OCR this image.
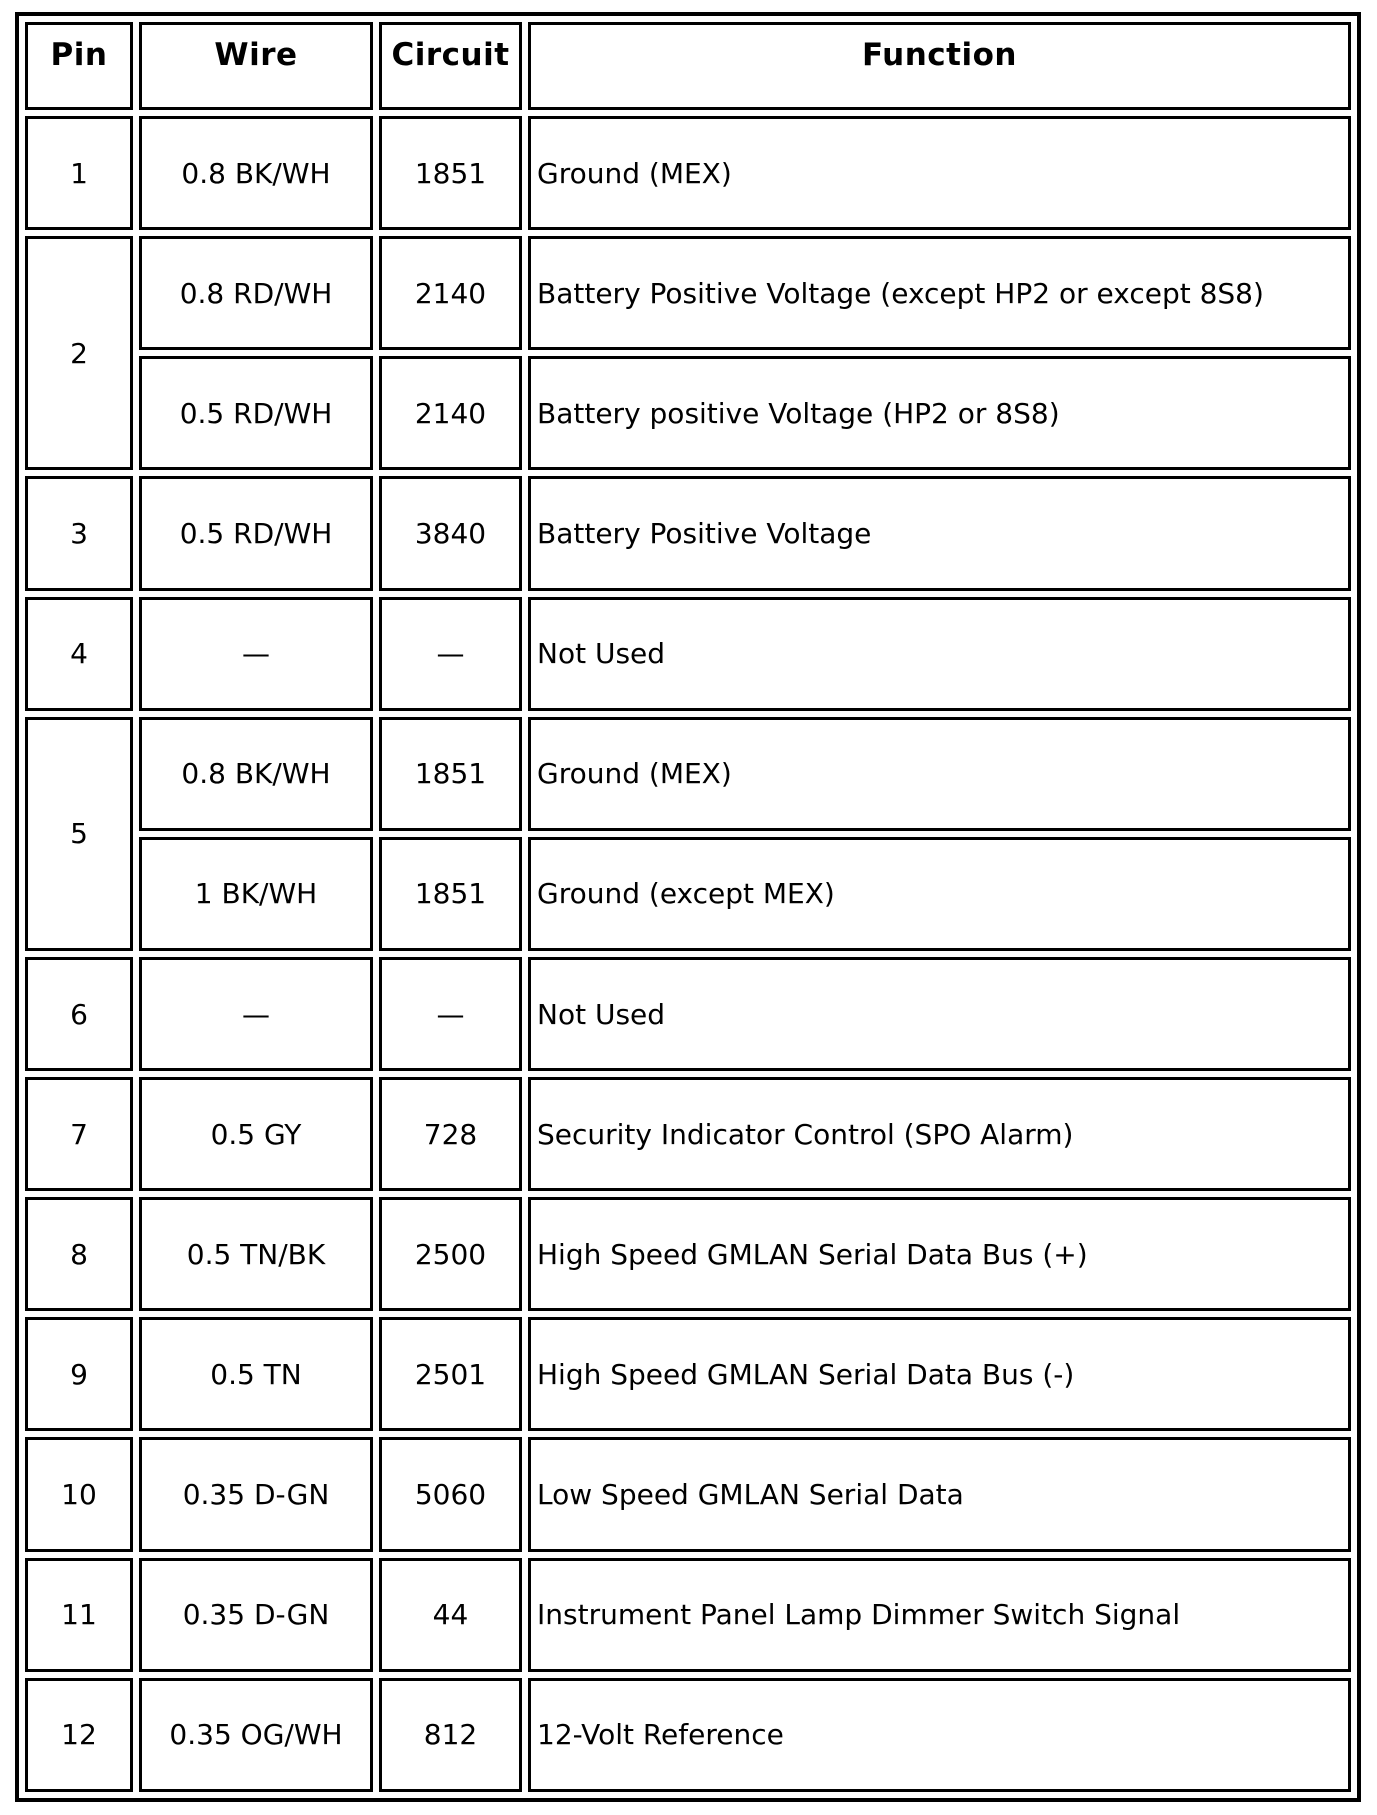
Pin	Wire	Circuit	Function
1	0.8 BK/WH	1851	Ground (MEX)
2	0.8 RD/WH	2140	Battery Positive Voltage (except HP2 or except 8S8)
	0.5 RD/WH	2140	Battery positive Voltage (HP2 or 8S8)
3	0.5 RD/WH	3840	Battery Positive Voltage
4	—	—	Not Used
5	0.8 BK/WH	1851	Ground (MEX)
	1 BK/WH	1851	Ground (except MEX)
6	—	—	Not Used
7	0.5 GY	728	Security Indicator Control (SPO Alarm)
8	0.5 TN/BK	2500	High Speed GMLAN Serial Data Bus (+)
9	0.5 TN	2501	High Speed GMLAN Serial Data Bus (-)
10	0.35 D-GN	5060	Low Speed GMLAN Serial Data
11	0.35 D-GN	44	Instrument Panel Lamp Dimmer Switch Signal
12	0.35 OG/WH	812	12-Volt Reference
